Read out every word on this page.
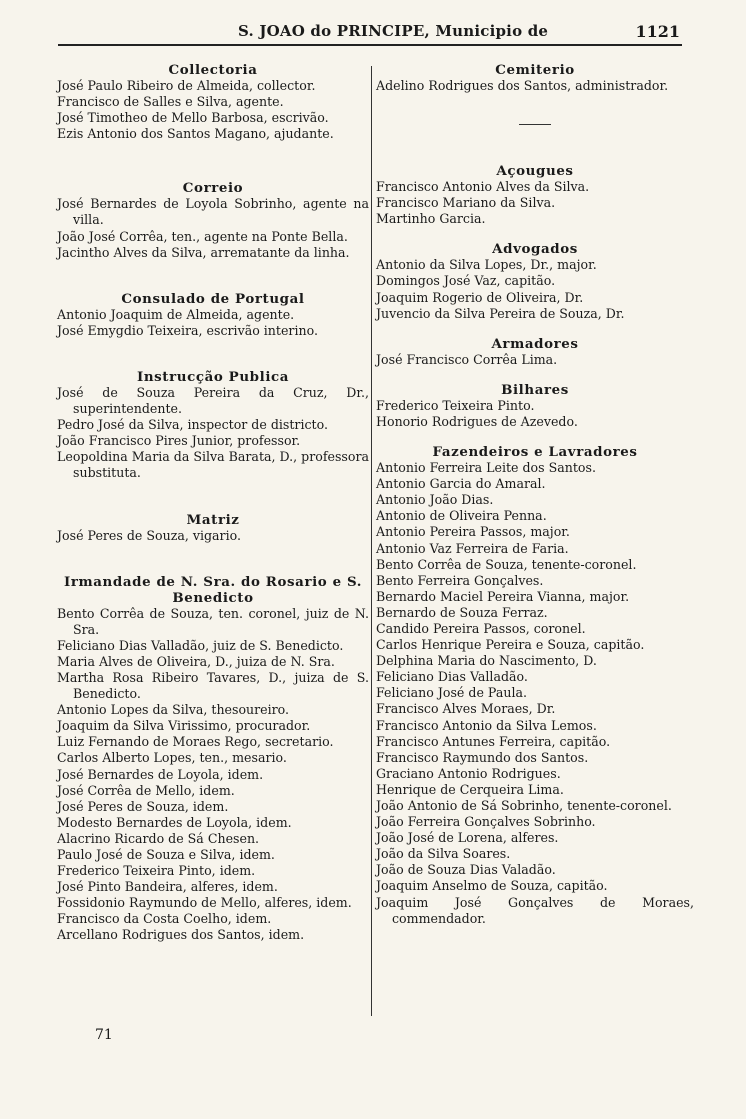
S. JOAO do PRINCIPE, Municipio de	1121
Collectoria
José Paulo Ribeiro de Almeida, collector.
Francisco de Salles e Silva, agente.
José Timotheo de Mello Barbosa, escrivão.
Ezis Antonio dos Santos Magano, ajudante.
Correio
José Bernardes de Loyola Sobrinho, agente na villa.
João José Corrêa, ten., agente na Ponte Bella.
Jacintho Alves da Silva, arrematante da linha.
Consulado de Portugal
Antonio Joaquim de Almeida, agente.
José Emygdio Teixeira, escrivão interino.
Instrucção Publica
José de Souza Pereira da Cruz, Dr., superintendente.
Pedro José da Silva, inspector de districto.
João Francisco Pires Junior, professor.
Leopoldina Maria da Silva Barata, D., professora substituta.
Matriz
José Peres de Souza, vigario.
Irmandade de N. Sra. do Rosario e S. Benedicto
Bento Corrêa de Souza, ten. coronel, juiz de N. Sra.
Feliciano Dias Valladão, juiz de S. Benedicto.
Maria Alves de Oliveira, D., juiza de N. Sra.
Martha Rosa Ribeiro Tavares, D., juiza de S. Benedicto.
Antonio Lopes da Silva, thesoureiro.
Joaquim da Silva Virissimo, procurador.
Luiz Fernando de Moraes Rego, secretario.
Carlos Alberto Lopes, ten., mesario.
José Bernardes de Loyola, idem.
José Corrêa de Mello, idem.
José Peres de Souza, idem.
Modesto Bernardes de Loyola, idem.
Alacrino Ricardo de Sá Chesen.
Paulo José de Souza e Silva, idem.
Frederico Teixeira Pinto, idem.
José Pinto Bandeira, alferes, idem.
Fossidonio Raymundo de Mello, alferes, idem.
Francisco da Costa Coelho, idem.
Arcellano Rodrigues dos Santos, idem.
Cemiterio
Adelino Rodrigues dos Santos, administrador.
Açougues
Francisco Antonio Alves da Silva.
Francisco Mariano da Silva.
Martinho Garcia.
Advogados
Antonio da Silva Lopes, Dr., major.
Domingos José Vaz, capitão.
Joaquim Rogerio de Oliveira, Dr.
Juvencio da Silva Pereira de Souza, Dr.
Armadores
José Francisco Corrêa Lima.
Bilhares
Frederico Teixeira Pinto.
Honorio Rodrigues de Azevedo.
Fazendeiros e Lavradores
Antonio Ferreira Leite dos Santos.
Antonio Garcia do Amaral.
Antonio João Dias.
Antonio de Oliveira Penna.
Antonio Pereira Passos, major.
Antonio Vaz Ferreira de Faria.
Bento Corrêa de Souza, tenente-coronel.
Bento Ferreira Gonçalves.
Bernardo Maciel Pereira Vianna, major.
Bernardo de Souza Ferraz.
Candido Pereira Passos, coronel.
Carlos Henrique Pereira e Souza, capitão.
Delphina Maria do Nascimento, D.
Feliciano Dias Valladão.
Feliciano José de Paula.
Francisco Alves Moraes, Dr.
Francisco Antonio da Silva Lemos.
Francisco Antunes Ferreira, capitão.
Francisco Raymundo dos Santos.
Graciano Antonio Rodrigues.
Henrique de Cerqueira Lima.
João Antonio de Sá Sobrinho, tenente-coronel.
João Ferreira Gonçalves Sobrinho.
João José de Lorena, alferes.
João da Silva Soares.
João de Souza Dias Valadão.
Joaquim Anselmo de Souza, capitão.
Joaquim José Gonçalves de Moraes, commendador.
71
